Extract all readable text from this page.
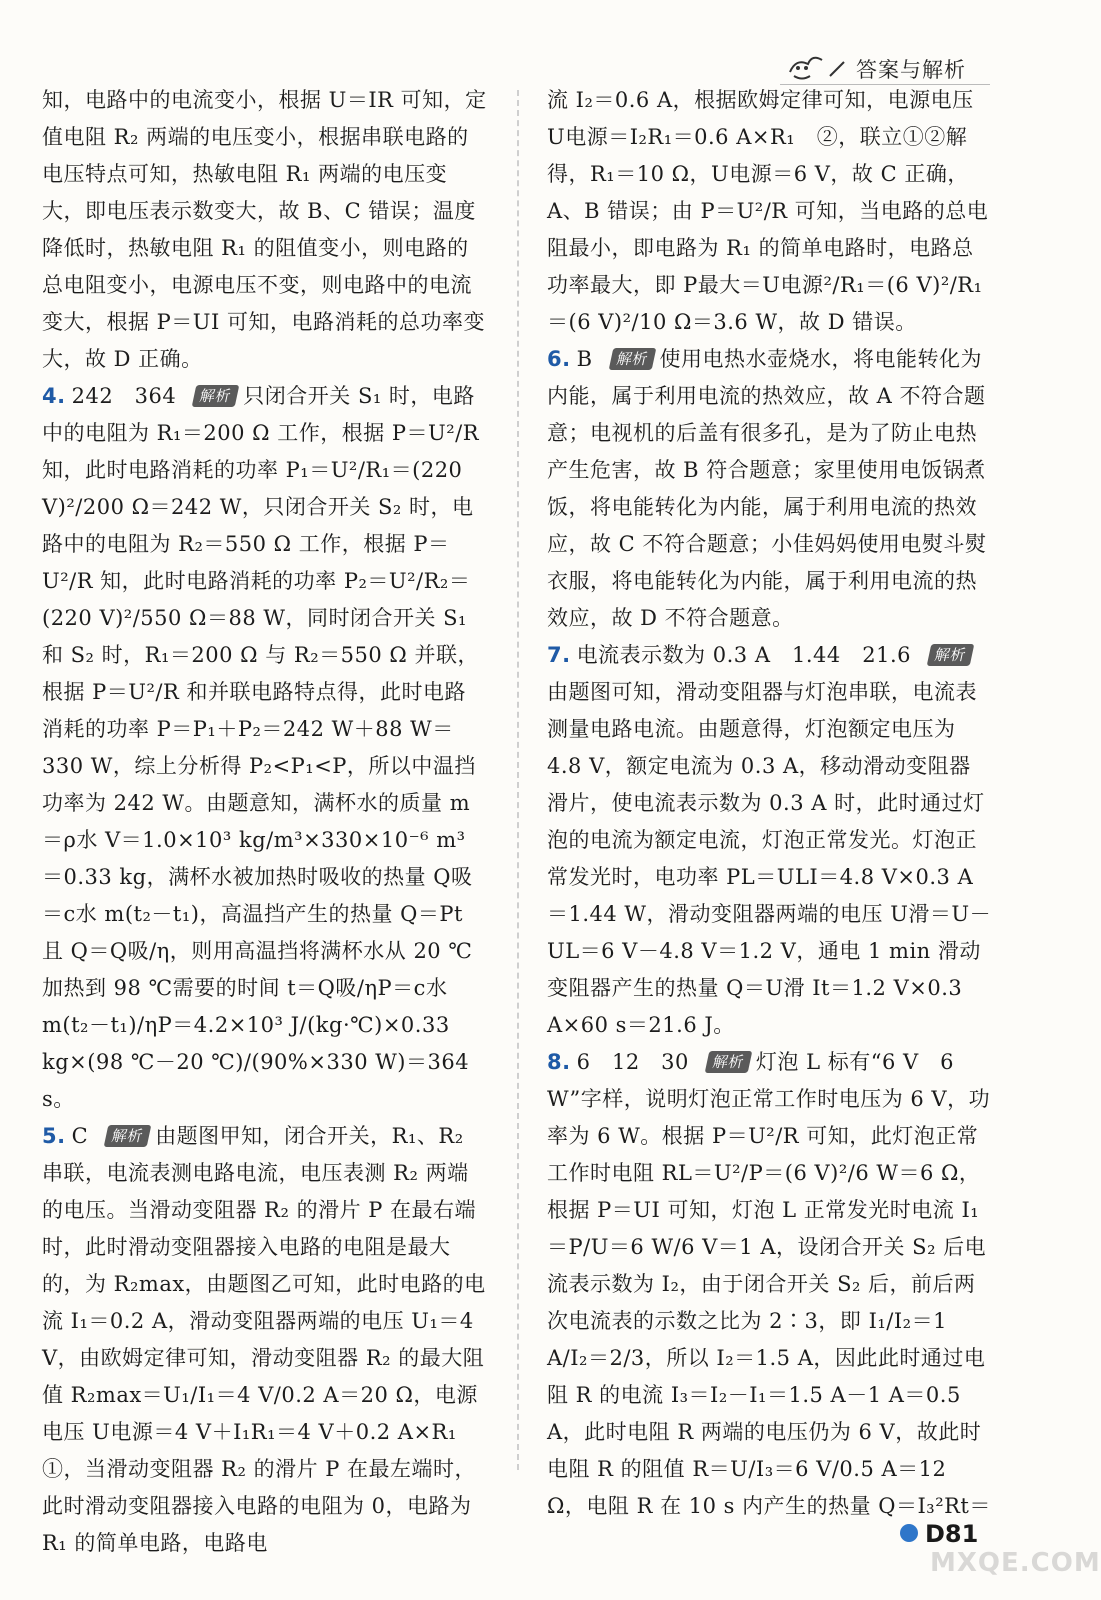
答案与解析

知，电路中的电流变小，根据 U＝IR 可知，定值电阻 R₂ 两端的电压变小，根据串联电路的电压特点可知，热敏电阻 R₁ 两端的电压变大，即电压表示数变大，故 B、C 错误；温度降低时，热敏电阻 R₁ 的阻值变小，则电路的总电阻变小，电源电压不变，则电路中的电流变大，根据 P＝UI 可知，电路消耗的总功率变大，故 D 正确。

4. 242　364 解析 只闭合开关 S₁ 时，电路中的电阻为 R₁＝200 Ω 工作，根据 P＝U²/R 知，此时电路消耗的功率 P₁＝U²/R₁＝(220 V)²/200 Ω＝242 W，只闭合开关 S₂ 时，电路中的电阻为 R₂＝550 Ω 工作，根据 P＝U²/R 知，此时电路消耗的功率 P₂＝U²/R₂＝(220 V)²/550 Ω＝88 W，同时闭合开关 S₁ 和 S₂ 时，R₁＝200 Ω 与 R₂＝550 Ω 并联，根据 P＝U²/R 和并联电路特点得，此时电路消耗的功率 P＝P₁＋P₂＝242 W＋88 W＝330 W，综上分析得 P₂<P₁<P，所以中温挡功率为 242 W。由题意知，满杯水的质量 m＝ρ水 V＝1.0×10³ kg/m³×330×10⁻⁶ m³＝0.33 kg，满杯水被加热时吸收的热量 Q吸＝c水 m(t₂－t₁)，高温挡产生的热量 Q＝Pt 且 Q＝Q吸/η，则用高温挡将满杯水从 20 ℃加热到 98 ℃需要的时间 t＝Q吸/ηP＝c水 m(t₂－t₁)/ηP＝4.2×10³ J/(kg·℃)×0.33 kg×(98 ℃－20 ℃)/(90%×330 W)＝364 s。

5. C 解析 由题图甲知，闭合开关，R₁、R₂ 串联，电流表测电路电流，电压表测 R₂ 两端的电压。当滑动变阻器 R₂ 的滑片 P 在最右端时，此时滑动变阻器接入电路的电阻是最大的，为 R₂max，由题图乙可知，此时电路的电流 I₁＝0.2 A，滑动变阻器两端的电压 U₁＝4 V，由欧姆定律可知，滑动变阻器 R₂ 的最大阻值 R₂max＝U₁/I₁＝4 V/0.2 A＝20 Ω，电源电压 U电源＝4 V＋I₁R₁＝4 V＋0.2 A×R₁　①，当滑动变阻器 R₂ 的滑片 P 在最左端时，此时滑动变阻器接入电路的电阻为 0，电路为 R₁ 的简单电路，电路电

流 I₂＝0.6 A，根据欧姆定律可知，电源电压 U电源＝I₂R₁＝0.6 A×R₁　②，联立①②解得，R₁＝10 Ω，U电源＝6 V，故 C 正确，A、B 错误；由 P＝U²/R 可知，当电路的总电阻最小，即电路为 R₁ 的简单电路时，电路总功率最大，即 P最大＝U电源²/R₁＝(6 V)²/R₁＝(6 V)²/10 Ω＝3.6 W，故 D 错误。

6. B 解析 使用电热水壶烧水，将电能转化为内能，属于利用电流的热效应，故 A 不符合题意；电视机的后盖有很多孔，是为了防止电热产生危害，故 B 符合题意；家里使用电饭锅煮饭，将电能转化为内能，属于利用电流的热效应，故 C 不符合题意；小佳妈妈使用电熨斗熨衣服，将电能转化为内能，属于利用电流的热效应，故 D 不符合题意。

7. 电流表示数为 0.3 A　1.44　21.6 解析由题图可知，滑动变阻器与灯泡串联，电流表测量电路电流。由题意得，灯泡额定电压为 4.8 V，额定电流为 0.3 A，移动滑动变阻器滑片，使电流表示数为 0.3 A 时，此时通过灯泡的电流为额定电流，灯泡正常发光。灯泡正常发光时，电功率 PL＝ULI＝4.8 V×0.3 A＝1.44 W，滑动变阻器两端的电压 U滑＝U－UL＝6 V－4.8 V＝1.2 V，通电 1 min 滑动变阻器产生的热量 Q＝U滑 It＝1.2 V×0.3 A×60 s＝21.6 J。

8. 6　12　30 解析 灯泡 L 标有“6 V　6 W”字样，说明灯泡正常工作时电压为 6 V，功率为 6 W。根据 P＝U²/R 可知，此灯泡正常工作时电阻 RL＝U²/P＝(6 V)²/6 W＝6 Ω，根据 P＝UI 可知，灯泡 L 正常发光时电流 I₁＝P/U＝6 W/6 V＝1 A，设闭合开关 S₂ 后电流表示数为 I₂，由于闭合开关 S₂ 后，前后两次电流表的示数之比为 2∶3，即 I₁/I₂＝1 A/I₂＝2/3，所以 I₂＝1.5 A，因此此时通过电阻 R 的电流 I₃＝I₂－I₁＝1.5 A－1 A＝0.5 A，此时电阻 R 两端的电压仍为 6 V，故此时电阻 R 的阻值 R＝U/I₃＝6 V/0.5 A＝12 Ω，电阻 R 在 10 s 内产生的热量 Q＝I₃²Rt＝

D81
MXQE.COM
